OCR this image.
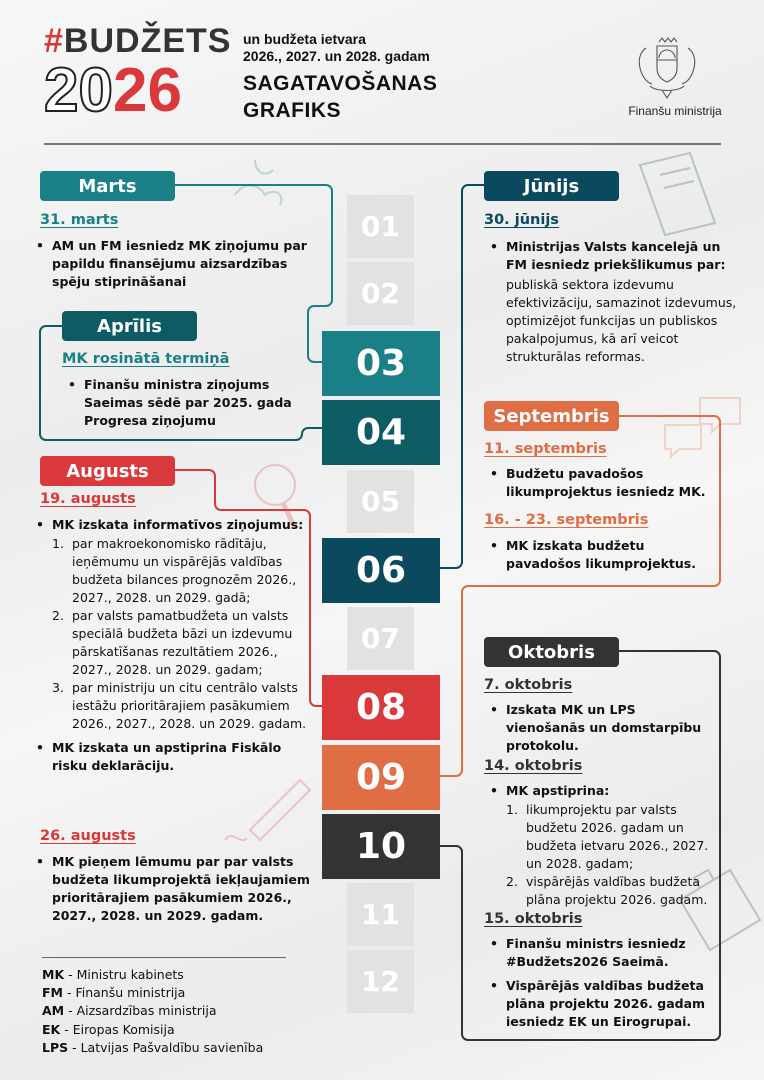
#BUDŽETS
2026
un budžeta ietvara
2026., 2027. un 2028. gadam
SAGATAVOŠANAS
GRAFIKS	Finanšu ministrija
01
02
03
04
05
06
07
08
09
10
11
12
Marts
31. marts
• AM un FM iesniedz MK ziņojumu par papildu finansējumu aizsardzības spēju stiprināšanai
Aprīlis
MK rosinātā termiņā
• Finanšu ministra ziņojums Saeimas sēdē par 2025. gada Progresa ziņojumu
Augusts
19. augusts
• MK izskata informatīvos ziņojumus:
1. par makroekonomisko rādītāju, ieņēmumu un vispārējās valdības budžeta bilances prognozēm 2026., 2027., 2028. un 2029. gadā;
2. par valsts pamatbudžeta un valsts speciālā budžeta bāzi un izdevumu pārskatīšanas rezultātiem 2026., 2027., 2028. un 2029. gadam;
3. par ministriju un citu centrālo valsts iestāžu prioritārajiem pasākumiem 2026., 2027., 2028. un 2029. gadam.
• MK izskata un apstiprina Fiskālo risku deklarāciju.
26. augusts
• MK pieņem lēmumu par par valsts budžeta likumprojektā iekļaujamiem prioritārajiem pasākumiem 2026., 2027., 2028. un 2029. gadam.
MK - Ministru kabinets
FM - Finanšu ministrija
AM - Aizsardzības ministrija
EK - Eiropas Komisija
LPS - Latvijas Pašvaldību savienība
Jūnijs
30. jūnijs
• Ministrijas Valsts kancelejā un FM iesniedz priekšlikumus par:

publiskā sektora izdevumu efektivizāciju, samazinot izdevumus, optimizējot funkcijas un publiskos pakalpojumus, kā arī veicot strukturālas reformas.

Septembris
11. septembris
• Budžetu pavadošos likumprojektus iesniedz MK.
16. - 23. septembris
• MK izskata budžetu pavadošos likumprojektus.
Oktobris
7. oktobris
• Izskata MK un LPS vienošanās un domstarpību protokolu.
14. oktobris
• MK apstiprina:
1. likumprojektu par valsts budžetu 2026. gadam un budžeta ietvaru 2026., 2027. un 2028. gadam;
2. vispārējās valdības budžeta plāna projektu 2026. gadam.
15. oktobris
• Finanšu ministrs iesniedz #Budžets2026 Saeimā.
• Vispārējās valdības budžeta plāna projektu 2026. gadam iesniedz EK un Eirogrupai.
